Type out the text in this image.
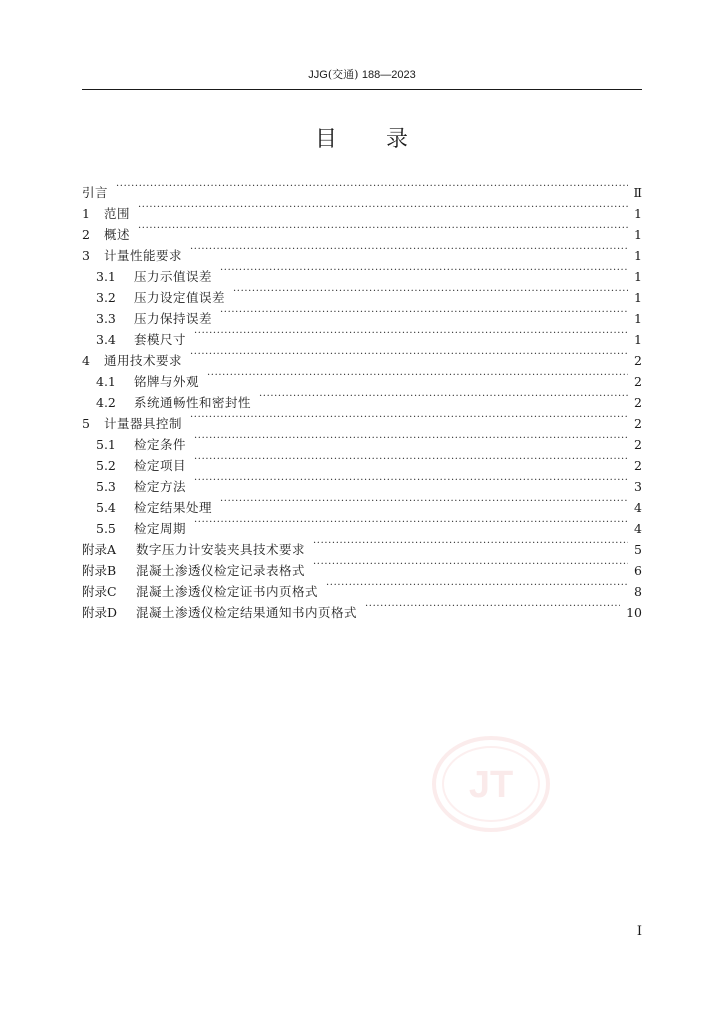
JJG(交通) 188—2023
目 录
引言 ·····	Ⅱ
1	范围 ·····	1
2	概述 ·····	1
3	计量性能要求 ·····	1
3.1	压力示值误差 ·····	1
3.2	压力设定值误差 ·····	1
3.3	压力保持误差 ·····	1
3.4	套模尺寸 ·····	1
4	通用技术要求 ·····	2
4.1	铭牌与外观 ·····	2
4.2	系统通畅性和密封性 ·····	2
5	计量器具控制 ·····	2
5.1	检定条件 ·····	2
5.2	检定项目 ·····	2
5.3	检定方法 ·····	3
5.4	检定结果处理 ·····	4
5.5	检定周期 ·····	4
附录A	数字压力计安装夹具技术要求 ·····	5
附录B	混凝土渗透仪检定记录表格式 ·····	6
附录C	混凝土渗透仪检定证书内页格式 ·····	8
附录D	混凝土渗透仪检定结果通知书内页格式 ·····	10
JT
I
